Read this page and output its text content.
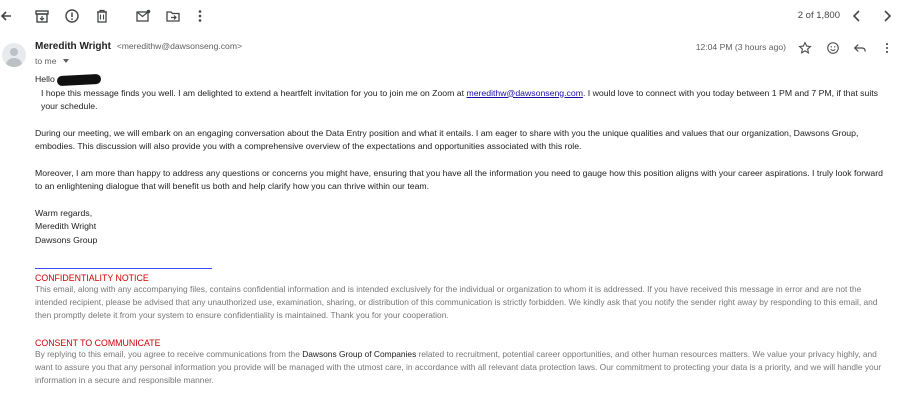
2 of 1,800
Meredith Wright <meredithw@dawsonseng.com>
to me
12:04 PM (3 hours ago)

Hello

I hope this message finds you well. I am delighted to extend a heartfelt invitation for you to join me on Zoom at meredithw@dawsonseng.com. I would love to connect with you today between 1 PM and 7 PM, if that suits your schedule.

During our meeting, we will embark on an engaging conversation about the Data Entry position and what it entails. I am eager to share with you the unique qualities and values that our organization, Dawsons Group, embodies. This discussion will also provide you with a comprehensive overview of the expectations and opportunities associated with this role.

Moreover, I am more than happy to address any questions or concerns you might have, ensuring that you have all the information you need to gauge how this position aligns with your career aspirations. I truly look forward to an enlightening dialogue that will benefit us both and help clarify how you can thrive within our team.

Warm regards,

Meredith Wright

Dawsons Group

CONFIDENTIALITY NOTICE
This email, along with any accompanying files, contains confidential information and is intended exclusively for the individual or organization to whom it is addressed. If you have received this message in error and are not the intended recipient, please be advised that any unauthorized use, examination, sharing, or distribution of this communication is strictly forbidden. We kindly ask that you notify the sender right away by responding to this email, and then promptly delete it from your system to ensure confidentiality is maintained. Thank you for your cooperation.
CONSENT TO COMMUNICATE
By replying to this email, you agree to receive communications from the Dawsons Group of Companies related to recruitment, potential career opportunities, and other human resources matters. We value your privacy highly, and want to assure you that any personal information you provide will be managed with the utmost care, in accordance with all relevant data protection laws. Our commitment to protecting your data is a priority, and we will handle your information in a secure and responsible manner.
